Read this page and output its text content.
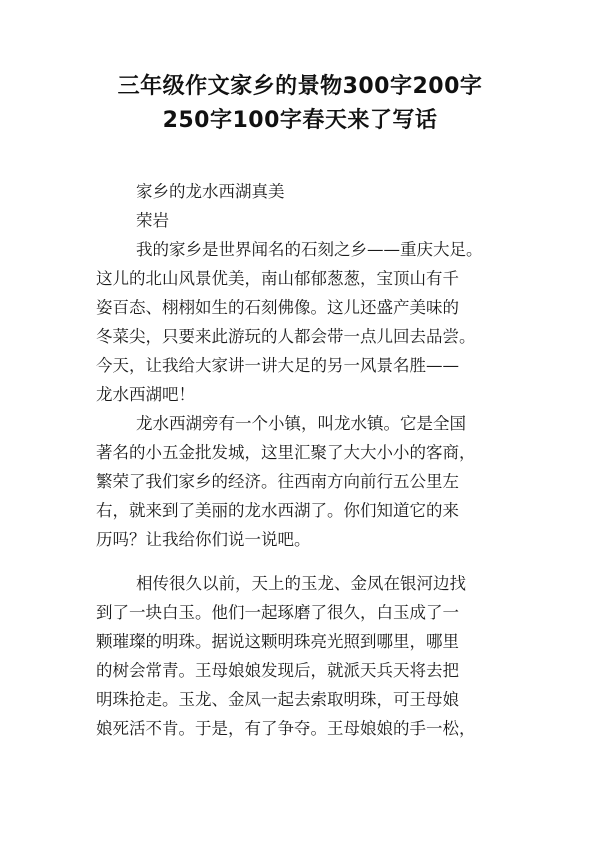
三年级作文家乡的景物300字200字
250字100字春天来了写话
家乡的龙水西湖真美
荣岩
我的家乡是世界闻名的石刻之乡——重庆大足。
这儿的北山风景优美，南山郁郁葱葱，宝顶山有千
姿百态、栩栩如生的石刻佛像。这儿还盛产美味的
冬菜尖，只要来此游玩的人都会带一点儿回去品尝。
今天，让我给大家讲一讲大足的另一风景名胜——
龙水西湖吧！
龙水西湖旁有一个小镇，叫龙水镇。它是全国
著名的小五金批发城，这里汇聚了大大小小的客商，
繁荣了我们家乡的经济。往西南方向前行五公里左
右，就来到了美丽的龙水西湖了。你们知道它的来
历吗？让我给你们说一说吧。
相传很久以前，天上的玉龙、金凤在银河边找
到了一块白玉。他们一起琢磨了很久，白玉成了一
颗璀璨的明珠。据说这颗明珠亮光照到哪里，哪里
的树会常青。王母娘娘发现后，就派天兵天将去把
明珠抢走。玉龙、金凤一起去索取明珠，可王母娘
娘死活不肯。于是，有了争夺。王母娘娘的手一松，
